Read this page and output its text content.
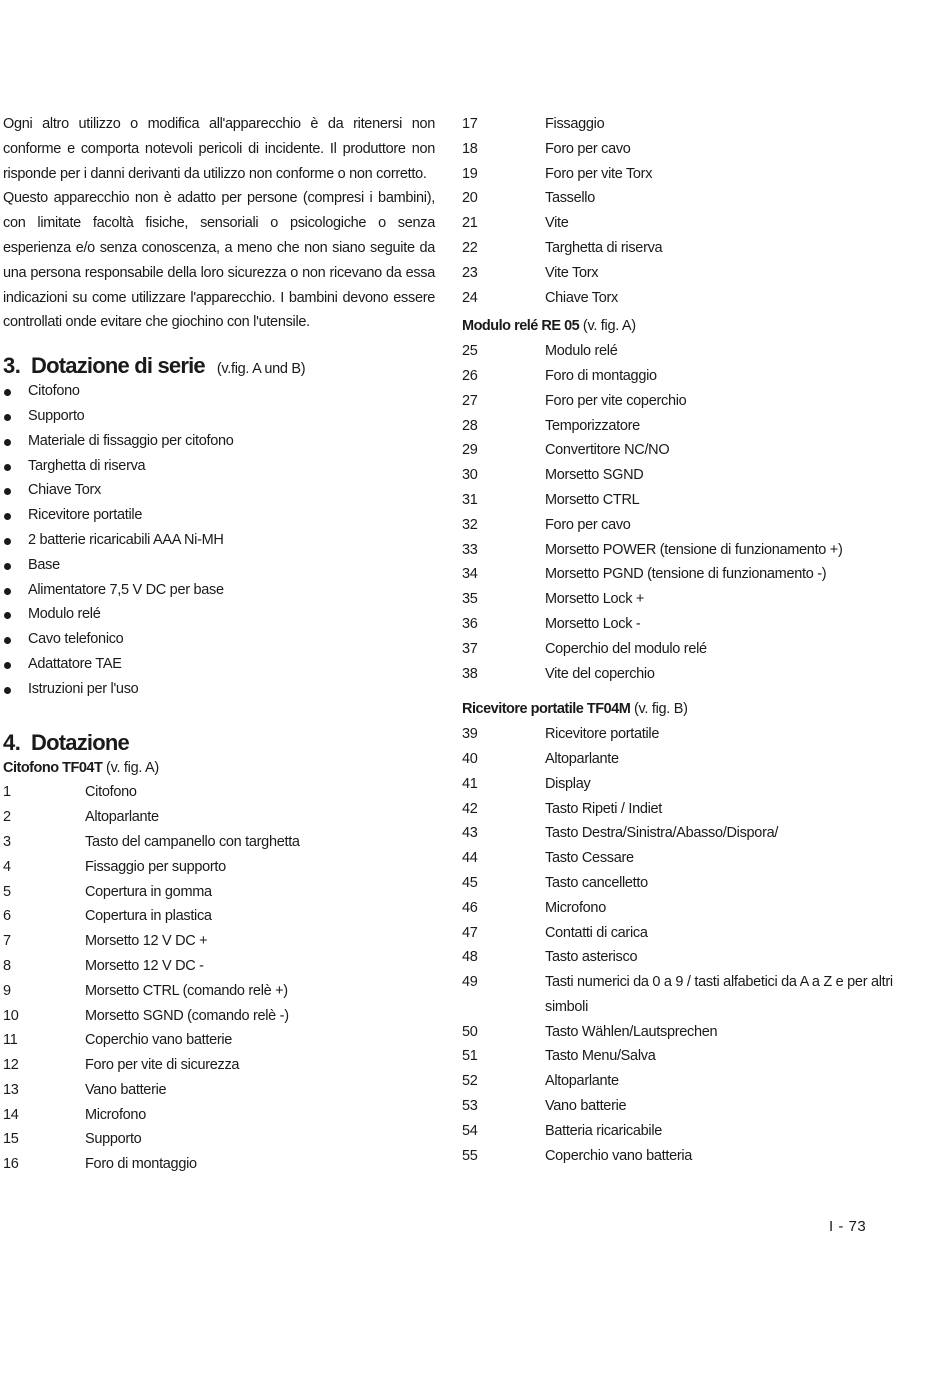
Ogni altro utilizzo o modifica all'apparecchio è da ritenersi non conforme e comporta notevoli pericoli di incidente. Il produttore non risponde per i danni derivanti da utilizzo non conforme o non corretto.

Questo apparecchio non è adatto per persone (compresi i bambini), con limitate facoltà fisiche, sensoriali o psicologiche o senza esperienza e/o senza conoscenza, a meno che non siano seguite da una persona responsabile della loro sicurezza o non ricevano da essa indicazioni su come utilizzare l'apparecchio. I bambini devono essere controllati onde evitare che giochino con l'utensile.

3. Dotazione di serie (v.fig. A und B)
Citofono
Supporto
Materiale di fissaggio per citofono
Targhetta di riserva
Chiave Torx
Ricevitore portatile
2 batterie ricaricabili AAA Ni-MH
Base
Alimentatore 7,5 V DC per base
Modulo relé
Cavo telefonico
Adattatore TAE
Istruzioni per l'uso
4. Dotazione
Citofono TF04T (v. fig. A)
1	Citofono
2	Altoparlante
3	Tasto del campanello con targhetta
4	Fissaggio per supporto
5	Copertura in gomma
6	Copertura in plastica
7	Morsetto 12 V DC +
8	Morsetto 12 V DC -
9	Morsetto CTRL (comando relè +)
10	Morsetto SGND (comando relè -)
11	Coperchio vano batterie
12	Foro per vite di sicurezza
13	Vano batterie
14	Microfono
15	Supporto
16	Foro di montaggio
17	Fissaggio
18	Foro per cavo
19	Foro per vite Torx
20	Tassello
21	Vite
22	Targhetta di riserva
23	Vite Torx
24	Chiave Torx
Modulo relé RE 05 (v. fig. A)
25	Modulo relé
26	Foro di montaggio
27	Foro per vite coperchio
28	Temporizzatore
29	Convertitore NC/NO
30	Morsetto SGND
31	Morsetto CTRL
32	Foro per cavo
33	Morsetto POWER (tensione di funzionamento +)
34	Morsetto PGND (tensione di funzionamento -)
35	Morsetto Lock +
36	Morsetto Lock -
37	Coperchio del modulo relé
38	Vite del coperchio
Ricevitore portatile TF04M (v. fig. B)
39	Ricevitore portatile
40	Altoparlante
41	Display
42	Tasto Ripeti / Indiet
43	Tasto Destra/Sinistra/Abasso/Dispora/
44	Tasto Cessare
45	Tasto cancelletto
46	Microfono
47	Contatti di carica
48	Tasto asterisco
49	Tasti numerici da 0 a 9 / tasti alfabetici da A a Z e per altri simboli
50	Tasto Wählen/Lautsprechen
51	Tasto Menu/Salva
52	Altoparlante
53	Vano batterie
54	Batteria ricaricabile
55	Coperchio vano batteria
I - 73
